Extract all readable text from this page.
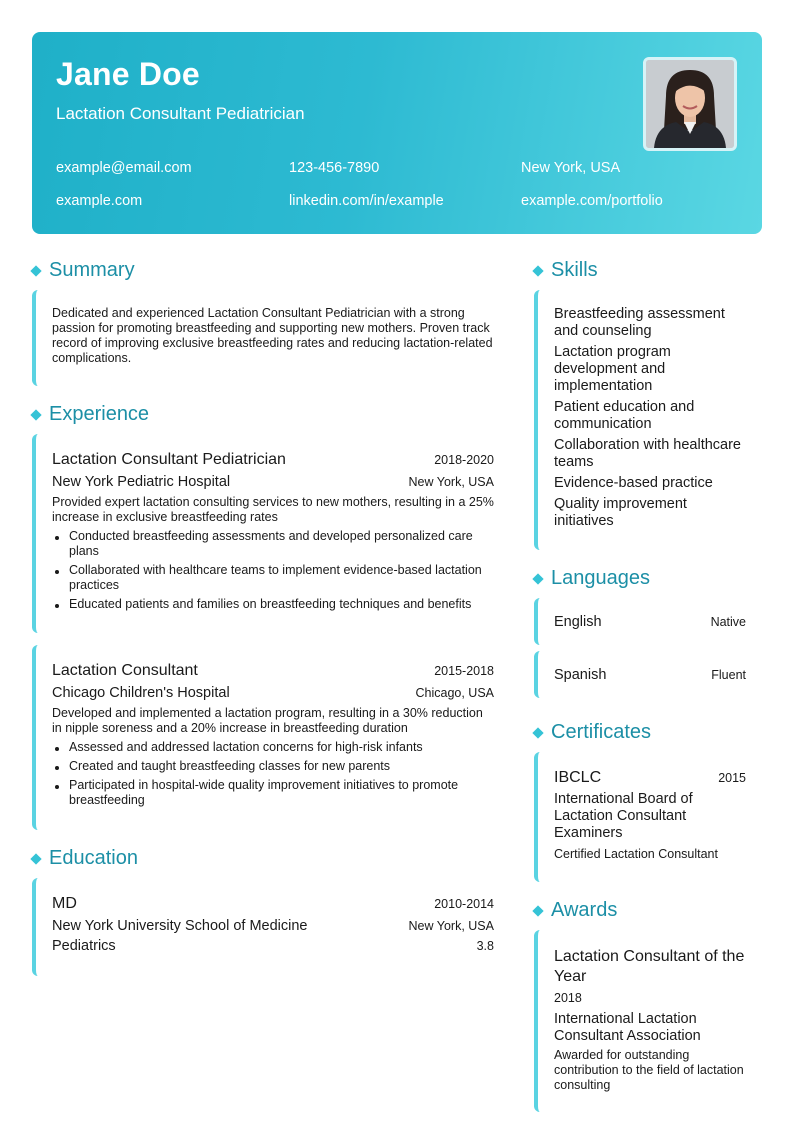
Jane Doe
Lactation Consultant Pediatrician
example@email.com	123-456-7890	New York, USA
example.com	linkedin.com/in/example	example.com/portfolio
Summary
Dedicated and experienced Lactation Consultant Pediatrician with a strong passion for promoting breastfeeding and supporting new mothers. Proven track record of improving exclusive breastfeeding rates and reducing lactation-related complications.
Experience
Lactation Consultant Pediatrician	2018-2020
New York Pediatric Hospital	New York, USA
Provided expert lactation consulting services to new mothers, resulting in a 25% increase in exclusive breastfeeding rates
Conducted breastfeeding assessments and developed personalized care plans
Collaborated with healthcare teams to implement evidence-based lactation practices
Educated patients and families on breastfeeding techniques and benefits
Lactation Consultant	2015-2018
Chicago Children's Hospital	Chicago, USA
Developed and implemented a lactation program, resulting in a 30% reduction in nipple soreness and a 20% increase in breastfeeding duration
Assessed and addressed lactation concerns for high-risk infants
Created and taught breastfeeding classes for new parents
Participated in hospital-wide quality improvement initiatives to promote breastfeeding
Education
MD	2010-2014
New York University School of Medicine	New York, USA
Pediatrics	3.8
Skills
Breastfeeding assessment and counseling
Lactation program development and implementation
Patient education and communication
Collaboration with healthcare teams
Evidence-based practice
Quality improvement initiatives
Languages
English	Native
Spanish	Fluent
Certificates
IBCLC	2015
International Board of Lactation Consultant Examiners
Certified Lactation Consultant
Awards
Lactation Consultant of the Year
2018
International Lactation Consultant Association
Awarded for outstanding contribution to the field of lactation consulting
